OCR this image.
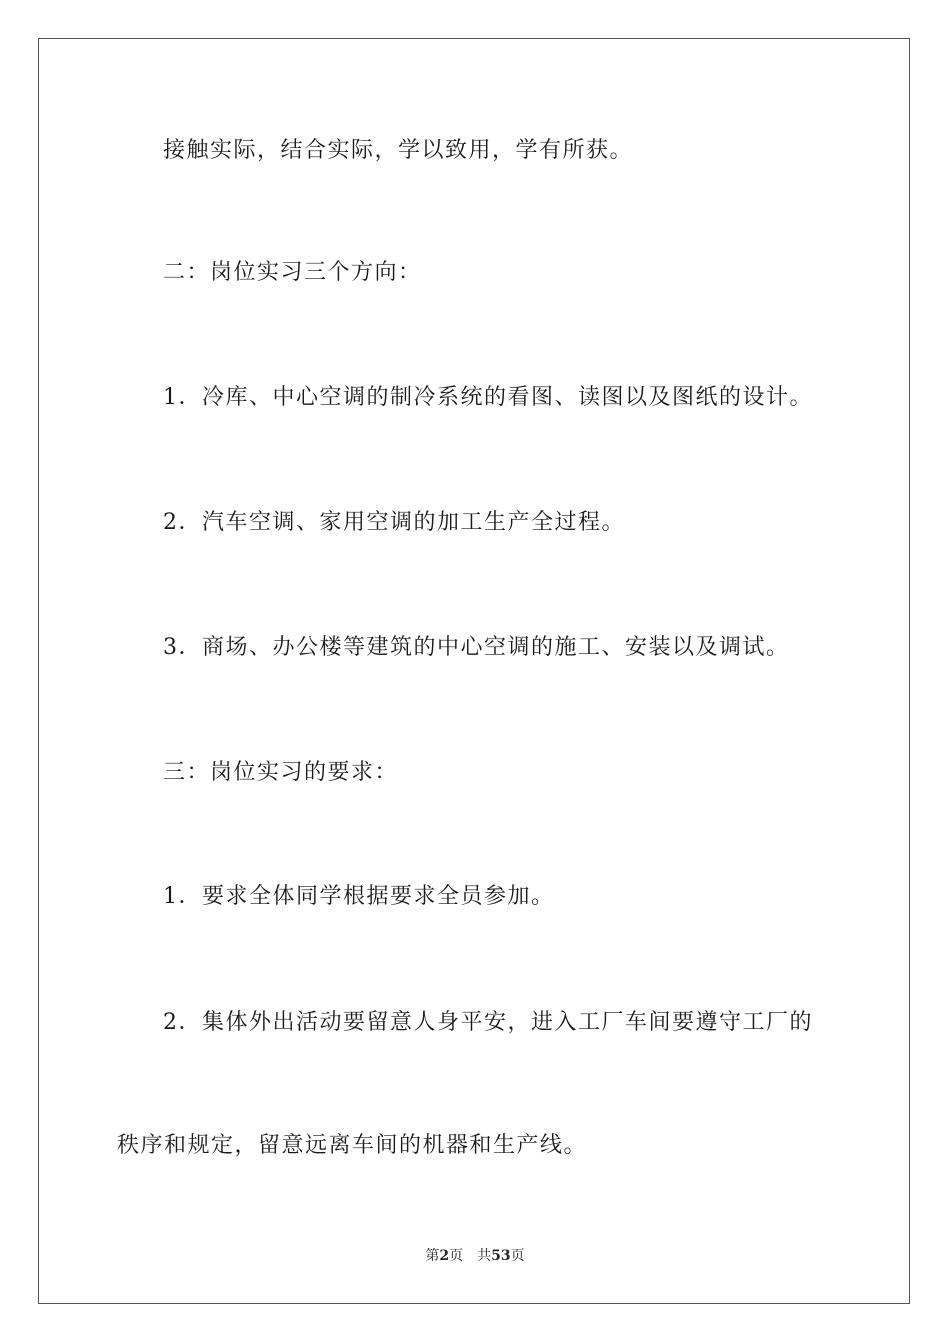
接触实际，结合实际，学以致用，学有所获。

二：岗位实习三个方向：

1．冷库、中心空调的制冷系统的看图、读图以及图纸的设计。

2．汽车空调、家用空调的加工生产全过程。

3．商场、办公楼等建筑的中心空调的施工、安装以及调试。

三：岗位实习的要求：

1．要求全体同学根据要求全员参加。

2．集体外出活动要留意人身平安，进入工厂车间要遵守工厂的

秩序和规定，留意远离车间的机器和生产线。

第2页 共53页
